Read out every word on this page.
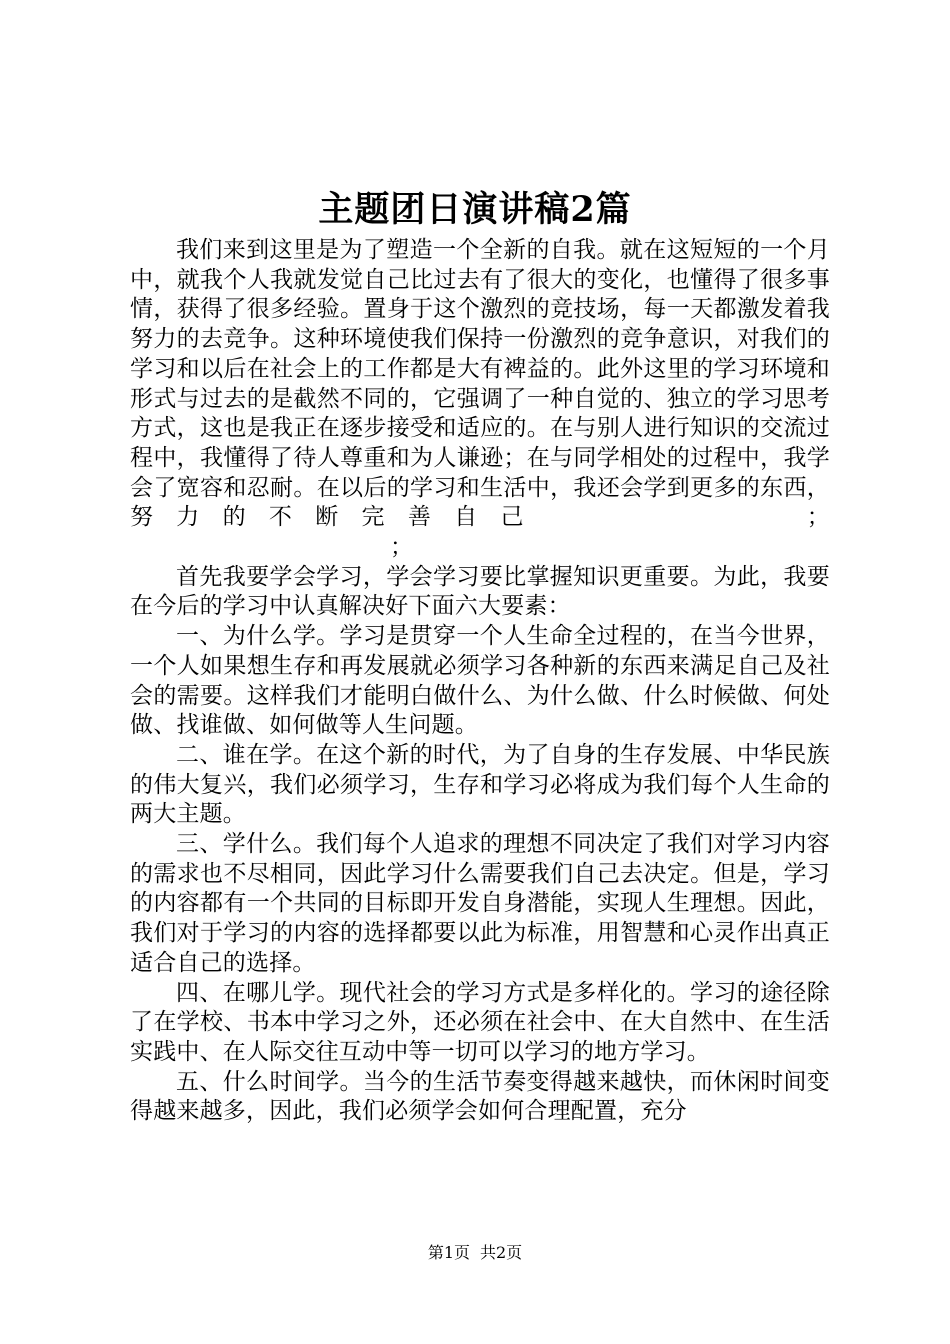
主题团日演讲稿2篇

我们来到这里是为了塑造一个全新的自我。就在这短短的一个月中，就我个人我就发觉自己比过去有了很大的变化，也懂得了很多事情，获得了很多经验。置身于这个激烈的竞技场，每一天都激发着我努力的去竞争。这种环境使我们保持一份激烈的竞争意识，对我们的学习和以后在社会上的工作都是大有裨益的。此外这里的学习环境和形式与过去的是截然不同的，它强调了一种自觉的、独立的学习思考方式，这也是我正在逐步接受和适应的。在与别人进行知识的交流过程中，我懂得了待人尊重和为人谦逊；在与同学相处的过程中，我学会了宽容和忍耐。在以后的学习和生活中，我还会学到更多的东西，努力的不断完善自己	；；

首先我要学会学习，学会学习要比掌握知识更重要。为此，我要在今后的学习中认真解决好下面六大要素：

一、为什么学。学习是贯穿一个人生命全过程的，在当今世界，一个人如果想生存和再发展就必须学习各种新的东西来满足自己及社会的需要。这样我们才能明白做什么、为什么做、什么时候做、何处做、找谁做、如何做等人生问题。

二、谁在学。在这个新的时代，为了自身的生存发展、中华民族的伟大复兴，我们必须学习，生存和学习必将成为我们每个人生命的两大主题。

三、学什么。我们每个人追求的理想不同决定了我们对学习内容的需求也不尽相同，因此学习什么需要我们自己去决定。但是，学习的内容都有一个共同的目标即开发自身潜能，实现人生理想。因此，我们对于学习的内容的选择都要以此为标准，用智慧和心灵作出真正适合自己的选择。

四、在哪儿学。现代社会的学习方式是多样化的。学习的途径除了在学校、书本中学习之外，还必须在社会中、在大自然中、在生活实践中、在人际交往互动中等一切可以学习的地方学习。

五、什么时间学。当今的生活节奏变得越来越快，而休闲时间变得越来越多，因此，我们必须学会如何合理配置，充分

第1页 共2页
